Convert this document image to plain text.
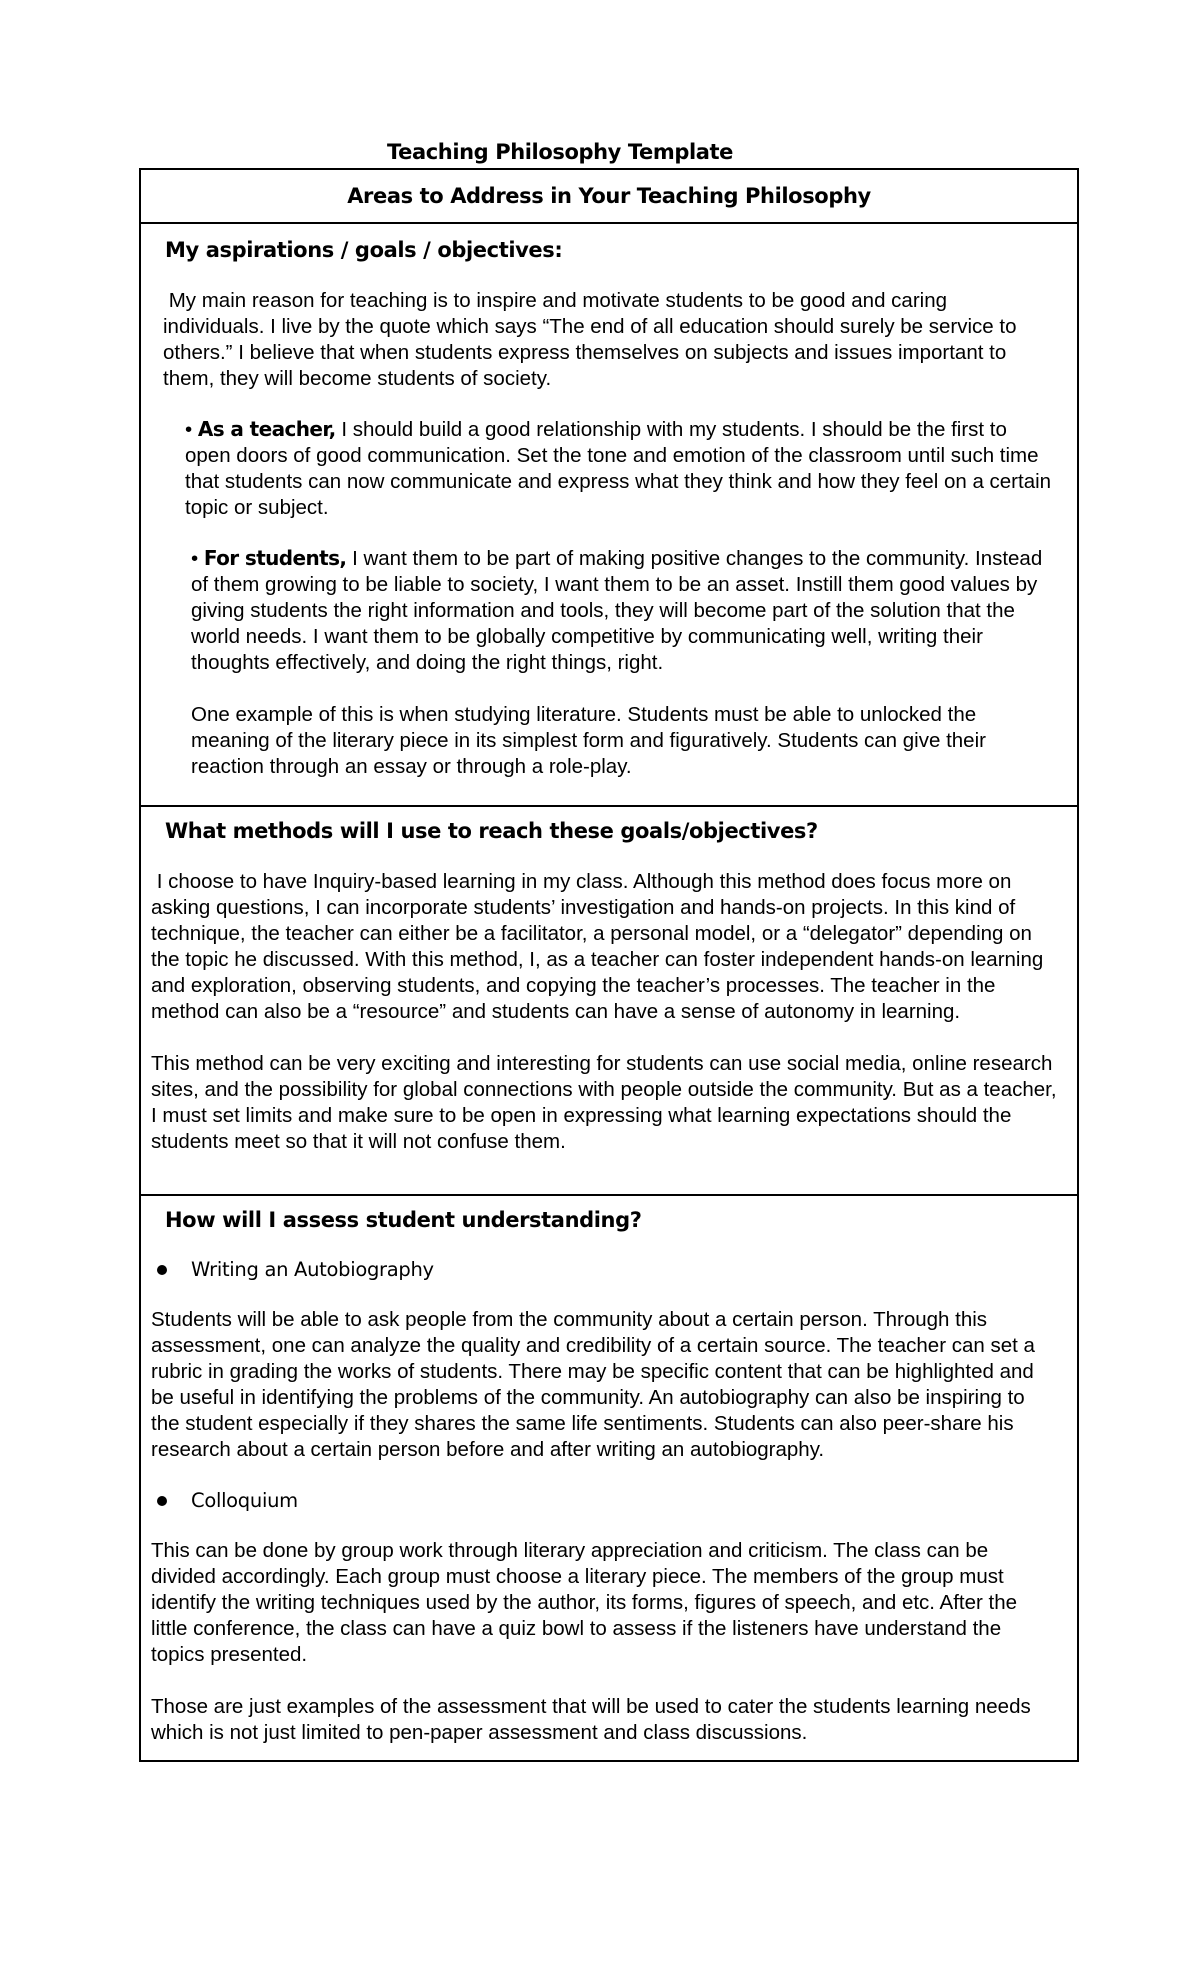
Teaching Philosophy Template
Areas to Address in Your Teaching Philosophy

My aspirations / goals / objectives:

My main reason for teaching is to inspire and motivate students to be good and caring individuals. I live by the quote which says “The end of all education should surely be service to others.” I believe that when students express themselves on subjects and issues important to them, they will become students of society.

• As a teacher, I should build a good relationship with my students. I should be the first to open doors of good communication. Set the tone and emotion of the classroom until such time that students can now communicate and express what they think and how they feel on a certain topic or subject.

• For students, I want them to be part of making positive changes to the community. Instead of them growing to be liable to society, I want them to be an asset. Instill them good values by giving students the right information and tools, they will become part of the solution that the world needs. I want them to be globally competitive by communicating well, writing their thoughts effectively, and doing the right things, right.

One example of this is when studying literature. Students must be able to unlocked the meaning of the literary piece in its simplest form and figuratively. Students can give their reaction through an essay or through a role-play.

What methods will I use to reach these goals/objectives?

I choose to have Inquiry-based learning in my class. Although this method does focus more on asking questions, I can incorporate students’ investigation and hands-on projects. In this kind of technique, the teacher can either be a facilitator, a personal model, or a “delegator” depending on the topic he discussed. With this method, I, as a teacher can foster independent hands-on learning and exploration, observing students, and copying the teacher’s processes. The teacher in the method can also be a “resource” and students can have a sense of autonomy in learning.

This method can be very exciting and interesting for students can use social media, online research sites, and the possibility for global connections with people outside the community. But as a teacher, I must set limits and make sure to be open in expressing what learning expectations should the students meet so that it will not confuse them.

How will I assess student understanding?

Writing an Autobiography

Students will be able to ask people from the community about a certain person. Through this assessment, one can analyze the quality and credibility of a certain source. The teacher can set a rubric in grading the works of students. There may be specific content that can be highlighted and be useful in identifying the problems of the community. An autobiography can also be inspiring to the student especially if they shares the same life sentiments. Students can also peer-share his research about a certain person before and after writing an autobiography.

Colloquium

This can be done by group work through literary appreciation and criticism. The class can be divided accordingly. Each group must choose a literary piece. The members of the group must identify the writing techniques used by the author, its forms, figures of speech, and etc. After the little conference, the class can have a quiz bowl to assess if the listeners have understand the topics presented.

Those are just examples of the assessment that will be used to cater the students learning needs which is not just limited to pen-paper assessment and class discussions.
